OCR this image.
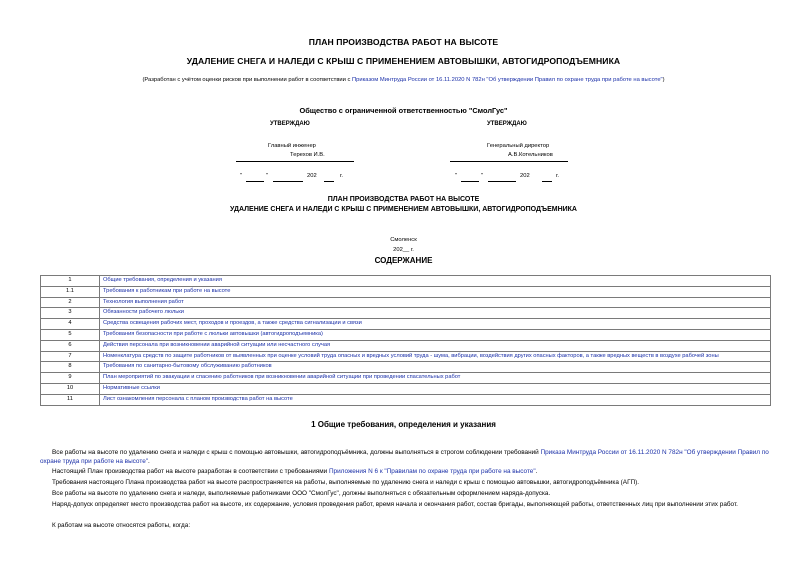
ПЛАН ПРОИЗВОДСТВА РАБОТ НА ВЫСОТЕ
УДАЛЕНИЕ СНЕГА И НАЛЕДИ С КРЫШ С ПРИМЕНЕНИЕМ АВТОВЫШКИ, АВТОГИДРОПОДЪЕМНИКА
(Разработан с учётом оценки рисков при выполнении работ в соответствии с Приказом Минтруда России от 16.11.2020 N 782н "Об утверждении Правил по охране труда при работе на высоте")
Общество с ограниченной ответственностью "СмолГус"
УТВЕРЖДАЮ	УТВЕРЖДАЮ
Главный инженер	Генеральный директор
Терехов И.В.	А.В.Котельников
"	"	202	г.	"	"	202	г.
ПЛАН ПРОИЗВОДСТВА РАБОТ НА ВЫСОТЕ
УДАЛЕНИЕ СНЕГА И НАЛЕДИ С КРЫШ С ПРИМЕНЕНИЕМ АВТОВЫШКИ, АВТОГИДРОПОДЪЕМНИКА
Смоленск
202__ г.
СОДЕРЖАНИЕ
1	Общие требования, определения и указания
1.1	Требования к работникам при работе на высоте
2	Технология выполнения работ
3	Обязанности рабочего люльки
4	Средства освещения рабочих мест, проходов и проездов, а также средства сигнализации и связи
5	Требования безопасности при работе с люльки автовышки (автогидроподъемника)
6	Действия персонала при возникновении аварийной ситуации или несчастного случая
7	Номенклатура средств по защите работников от выявленных при оценке условий труда опасных и вредных условий труда - шума, вибрации, воздействия других опасных факторов, а также вредных веществ в воздухе рабочей зоны
8	Требования по санитарно-бытовому обслуживанию работников
9	План мероприятий по эвакуации и спасению работников при возникновении аварийной ситуации при проведении спасательных работ
10	Нормативные ссылки
11	Лист ознакомления персонала с планом производства работ на высоте
1 Общие требования, определения и указания
Все работы на высоте по удалению снега и наледи с крыш с помощью автовышки, автогидроподъёмника, должны выполняться в строгом соблюдении требований Приказа Минтруда России от 16.11.2020 N 782н "Об утверждении Правил по охране труда при работе на высоте".
Настоящий План производства работ на высоте разработан в соответствии с требованиями Приложения N 6 к "Правилам по охране труда при работе на высоте".
Требования настоящего Плана производства работ на высоте распространяется на работы, выполняемые по удалению снега и наледи с крыш с помощью автовышки, автогидроподъёмника (АГП).
Все работы на высоте по удалению снега и наледи, выполняемые работниками ООО "СмолГус", должны выполняться с обязательным оформлением наряда-допуска.
Наряд-допуск определяет место производства работ на высоте, их содержание, условия проведения работ, время начала и окончания работ, состав бригады, выполняющей работы, ответственных лиц при выполнении этих работ.
К работам на высоте относятся работы, когда:
